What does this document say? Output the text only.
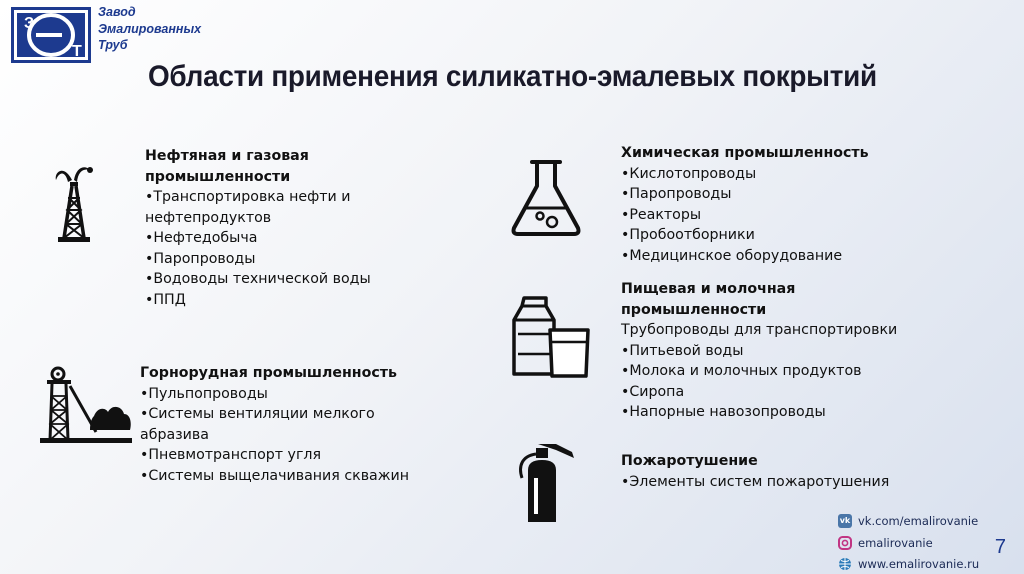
З
Т
Завод
Эмалированных
Труб
Области применения силикатно-эмалевых покрытий
Нефтяная и газовая
промышленности
•Транспортировка нефти и
нефтепродуктов
•Нефтедобыча
•Паропроводы
•Водоводы технической воды
•ППД
Горнорудная промышленность
•Пульпопроводы
•Системы вентиляции мелкого
абразива
•Пневмотранспорт угля
•Системы выщелачивания скважин
Химическая промышленность
•Кислотопроводы
•Паропроводы
•Реакторы
•Пробоотборники
•Медицинское оборудование
Пищевая и молочная
промышленности
Трубопроводы для транспортировки
•Питьевой воды
•Молока и молочных продуктов
•Сиропа
•Напорные навозопроводы
Пожаротушение
•Элементы систем пожаротушения
vk vk.com/emalirovanie
emalirovanie
www.emalirovanie.ru
7
